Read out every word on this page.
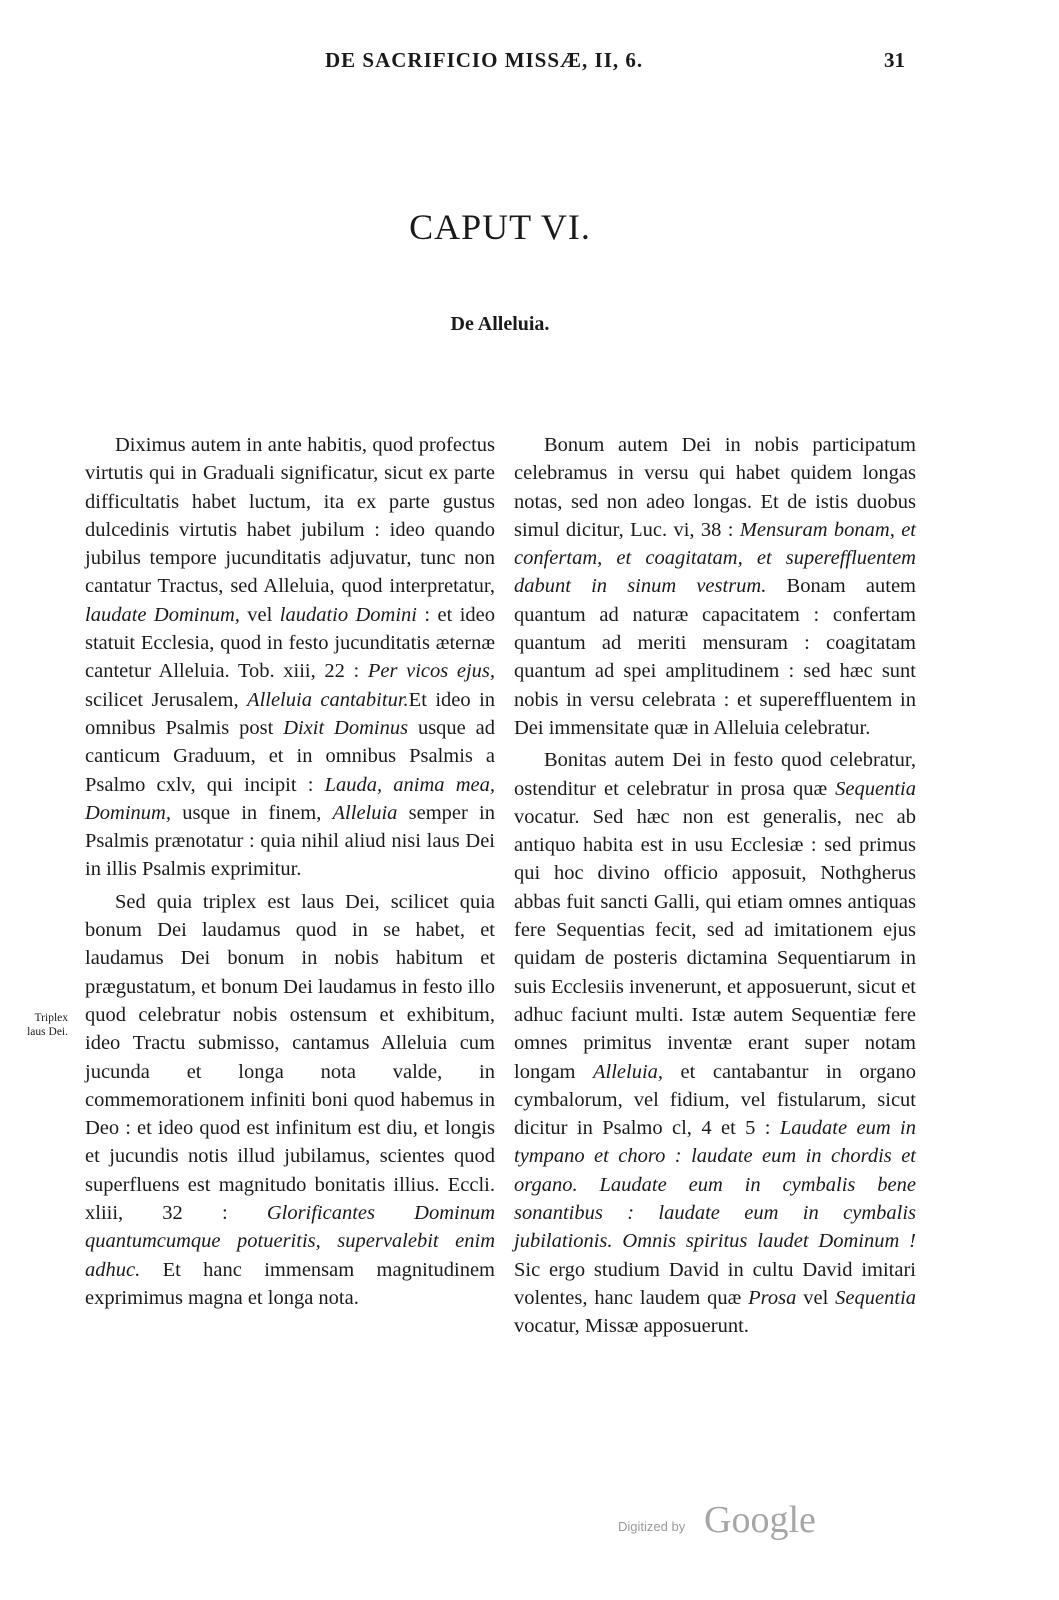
DE SACRIFICIO MISSÆ, II, 6.	31
CAPUT VI.
De Alleluia.

Diximus autem in ante habitis, quod profectus virtutis qui in Graduali significatur, sicut ex parte difficultatis habet luctum, ita ex parte gustus dulcedinis virtutis habet jubilum : ideo quando jubilus tempore jucunditatis adjuvatur, tunc non cantatur Tractus, sed Alleluia, quod interpretatur, laudate Dominum, vel laudatio Domini : et ideo statuit Ecclesia, quod in festo jucunditatis æternæ cantetur Alleluia. Tob. xiii, 22 : Per vicos ejus, scilicet Jerusalem, Alleluia cantabitur.Et ideo in omnibus Psalmis post Dixit Dominus usque ad canticum Graduum, et in omnibus Psalmis a Psalmo cxlv, qui incipit : Lauda, anima mea, Dominum, usque in finem, Alleluia semper in Psalmis prænotatur : quia nihil aliud nisi laus Dei in illis Psalmis exprimitur.

Sed quia triplex est laus Dei, scilicet quia bonum Dei laudamus quod in se habet, et laudamus Dei bonum in nobis habitum et prægustatum, et bonum Dei laudamus in festo illo quod celebratur nobis ostensum et exhibitum, ideo Tractu submisso, cantamus Alleluia cum jucunda et longa nota valde, in commemorationem infiniti boni quod habemus in Deo : et ideo quod est infinitum est diu, et longis et jucundis notis illud jubilamus, scientes quod superfluens est magnitudo bonitatis illius. Eccli. xliii, 32 : Glorificantes Dominum quantumcumque potueritis, supervalebit enim adhuc. Et hanc immensam magnitudinem exprimimus magna et longa nota.

Triplex laus Dei.

Bonum autem Dei in nobis participatum celebramus in versu qui habet quidem longas notas, sed non adeo longas. Et de istis duobus simul dicitur, Luc. vi, 38 : Mensuram bonam, et confertam, et coagitatam, et supereffluentem dabunt in sinum vestrum. Bonam autem quantum ad naturæ capacitatem : confertam quantum ad meriti mensuram : coagitatam quantum ad spei amplitudinem : sed hæc sunt nobis in versu celebrata : et supereffluentem in Dei immensitate quæ in Alleluia celebratur.

Bonitas autem Dei in festo quod celebratur, ostenditur et celebratur in prosa quæ Sequentia vocatur. Sed hæc non est generalis, nec ab antiquo habita est in usu Ecclesiæ : sed primus qui hoc divino officio apposuit, Nothgherus abbas fuit sancti Galli, qui etiam omnes antiquas fere Sequentias fecit, sed ad imitationem ejus quidam de posteris dictamina Sequentiarum in suis Ecclesiis invenerunt, et apposuerunt, sicut et adhuc faciunt multi. Istæ autem Sequentiæ fere omnes primitus inventæ erant super notam longam Alleluia, et cantabantur in organo cymbalorum, vel fidium, vel fistularum, sicut dicitur in Psalmo cl, 4 et 5 : Laudate eum in tympano et choro : laudate eum in chordis et organo. Laudate eum in cymbalis bene sonantibus : laudate eum in cymbalis jubilationis. Omnis spiritus laudet Dominum ! Sic ergo studium David in cultu David imitari volentes, hanc laudem quæ Prosa vel Sequentia vocatur, Missæ apposuerunt.

Digitized by Google
